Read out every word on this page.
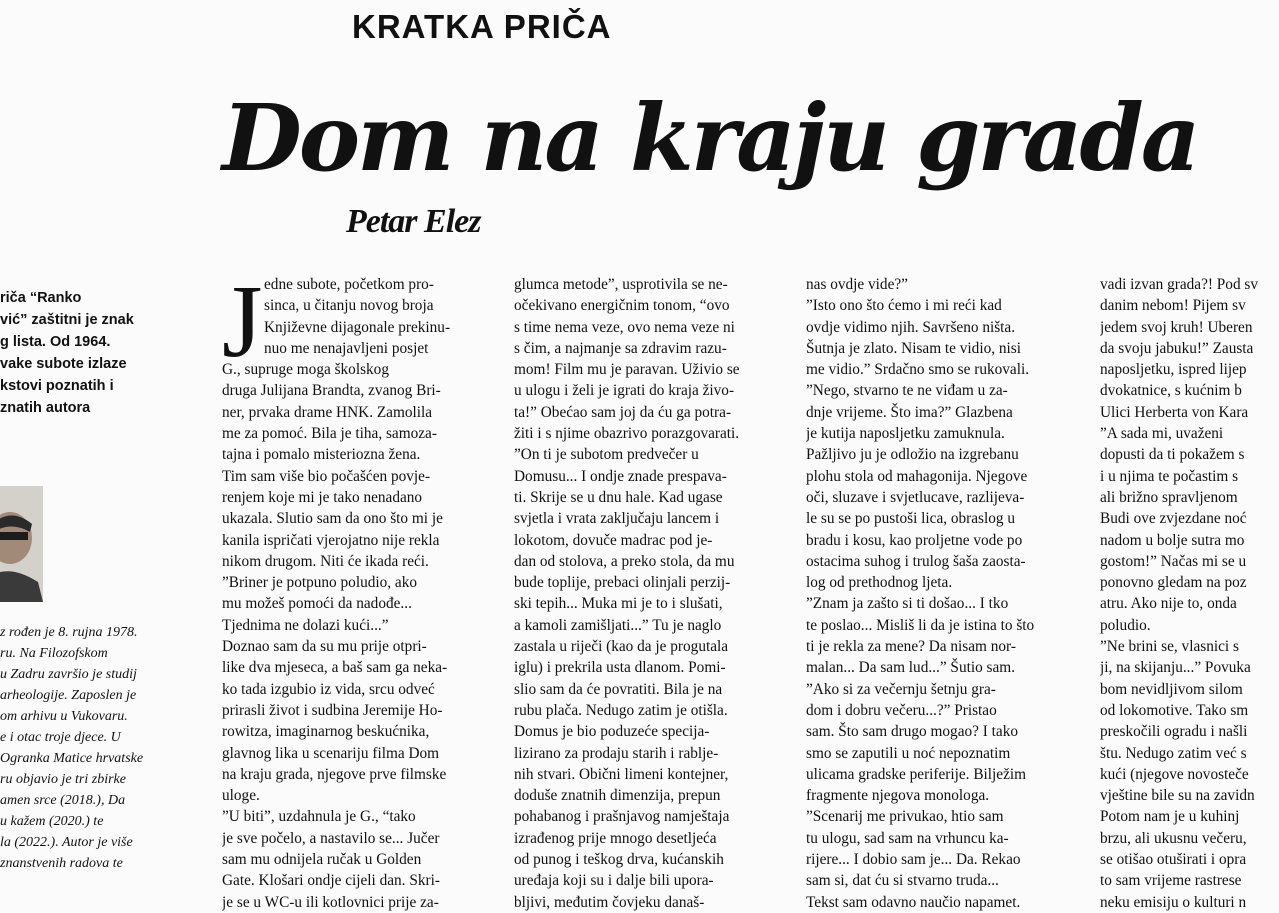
KRATKA PRIČA
Dom na kraju grada
Petar Elez

riča “Ranko

vić” zaštitni je znak

g lista. Od 1964.

vake subote izlaze

kstovi poznatih i

znatih autora

z rođen je 8. rujna 1978.

ru. Na Filozofskom

u Zadru završio je studij

arheologije. Zaposlen je

om arhivu u Vukovaru.

e i otac troje djece. U

Ogranka Matice hrvatske

ru objavio je tri zbirke

amen srce (2018.), Da

u kažem (2020.) te

la (2022.). Autor je više

znanstvenih radova te

J edne subote, početkom pro-

sinca, u čitanju novog broja

Književne dijagonale prekinu-

nuo me nenajavljeni posjet

G., supruge moga školskog

druga Julijana Brandta, zvanog Bri-

ner, prvaka drame HNK. Zamolila

me za pomoć. Bila je tiha, samoza-

tajna i pomalo misteriozna žena.

Tim sam više bio počašćen povje-

renjem koje mi je tako nenadano

ukazala. Slutio sam da ono što mi je

kanila ispričati vjerojatno nije rekla

nikom drugom. Niti će ikada reći.

”Briner je potpuno poludio, ako

mu možeš pomoći da nadođe...

Tjednima ne dolazi kući...”

Doznao sam da su mu prije otpri-

like dva mjeseca, a baš sam ga neka-

ko tada izgubio iz vida, srcu odveć

prirasli život i sudbina Jeremije Ho-

rowitza, imaginarnog beskućnika,

glavnog lika u scenariju filma Dom

na kraju grada, njegove prve filmske

uloge.

”U biti”, uzdahnula je G., “tako

je sve počelo, a nastavilo se... Jučer

sam mu odnijela ručak u Golden

Gate. Klošari ondje cijeli dan. Skri-

je se u WC-u ili kotlovnici prije za-

glumca metode”, usprotivila se ne-

očekivano energičnim tonom, “ovo

s time nema veze, ovo nema veze ni

s čim, a najmanje sa zdravim razu-

mom! Film mu je paravan. Uživio se

u ulogu i želi je igrati do kraja živo-

ta!” Obećao sam joj da ću ga potra-

žiti i s njime obazrivo porazgovarati.

”On ti je subotom predvečer u

Domusu... I ondje znade prespava-

ti. Skrije se u dnu hale. Kad ugase

svjetla i vrata zaključaju lancem i

lokotom, dovuče madrac pod je-

dan od stolova, a preko stola, da mu

bude toplije, prebaci olinjali perzij-

ski tepih... Muka mi je to i slušati,

a kamoli zamišljati...” Tu je naglo

zastala u riječi (kao da je progutala

iglu) i prekrila usta dlanom. Pomi-

slio sam da će povratiti. Bila je na

rubu plača. Nedugo zatim je otišla.

Domus je bio poduzeće specija-

lizirano za prodaju starih i rablje-

nih stvari. Obični limeni kontejner,

doduše znatnih dimenzija, prepun

pohabanog i prašnjavog namještaja

izrađenog prije mnogo desetljeća

od punog i teškog drva, kućanskih

uređaja koji su i dalje bili upora-

bljivi, međutim čovjeku današ-

nas ovdje vide?”

”Isto ono što ćemo i mi reći kad

ovdje vidimo njih. Savršeno ništa.

Šutnja je zlato. Nisam te vidio, nisi

me vidio.” Srdačno smo se rukovali.

”Nego, stvarno te ne viđam u za-

dnje vrijeme. Što ima?” Glazbena

je kutija naposljetku zamuknula.

Pažljivo ju je odložio na izgrebanu

plohu stola od mahagonija. Njegove

oči, sluzave i svjetlucave, razlijeva-

le su se po pustoši lica, obraslog u

bradu i kosu, kao proljetne vode po

ostacima suhog i trulog šaša zaosta-

log od prethodnog ljeta.

”Znam ja zašto si ti došao... I tko

te poslao... Misliš li da je istina to što

ti je rekla za mene? Da nisam nor-

malan... Da sam lud...” Šutio sam.

”Ako si za večernju šetnju gra-

dom i dobru večeru...?” Pristao

sam. Što sam drugo mogao? I tako

smo se zaputili u noć nepoznatim

ulicama gradske periferije. Bilježim

fragmente njegova monologa.

”Scenarij me privukao, htio sam

tu ulogu, sad sam na vrhuncu ka-

rijere... I dobio sam je... Da. Rekao

sam si, dat ću si stvarno truda...

Tekst sam odavno naučio napamet.

vadi izvan grada?! Pod sv

danim nebom! Pijem sv

jedem svoj kruh! Uberen

da svoju jabuku!” Zausta

naposljetku, ispred lijep

dvokatnice, s kućnim b

Ulici Herberta von Kara

”A sada mi, uvaženi

dopusti da ti pokažem s

i u njima te počastim s

ali brižno spravljenom

Budi ove zvjezdane noć

nadom u bolje sutra mo

gostom!” Načas mi se u

ponovno gledam na poz

atru. Ako nije to, onda

poludio.

”Ne brini se, vlasnici s

ji, na skijanju...” Povuka

bom nevidljivom silom

od lokomotive. Tako sm

preskočili ogradu i našli

štu. Nedugo zatim već s

kući (njegove novosteče

vještine bile su na zavidn

Potom nam je u kuhinj

brzu, ali ukusnu večeru,

se otišao otuširati i opra

to sam vrijeme rastrese

neku emisiju o kulturi n
